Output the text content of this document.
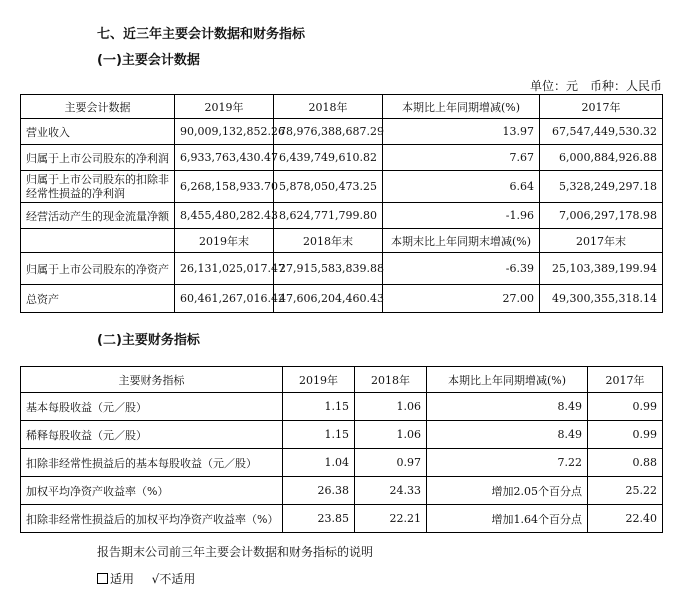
七、近三年主要会计数据和财务指标
(一)主要会计数据
单位：元　币种：人民币
主要会计数据	2019年	2018年	本期比上年同期增减(%)	2017年
营业收入	90,009,132,852.26	78,976,388,687.29	13.97	67,547,449,530.32
归属于上市公司股东的净利润	6,933,763,430.47	6,439,749,610.82	7.67	6,000,884,926.88
归属于上市公司股东的扣除非经常性损益的净利润	6,268,158,933.70	5,878,050,473.25	6.64	5,328,249,297.18
经营活动产生的现金流量净额	8,455,480,282.43	8,624,771,799.80	-1.96	7,006,297,178.98
	2019年末	2018年末	本期末比上年同期末增减(%)	2017年末
归属于上市公司股东的净资产	26,131,025,017.47	27,915,583,839.88	-6.39	25,103,389,199.94
总资产	60,461,267,016.42	47,606,204,460.43	27.00	49,300,355,318.14
(二)主要财务指标
主要财务指标	2019年	2018年	本期比上年同期增减(%)	2017年
基本每股收益（元／股）	1.15	1.06	8.49	0.99
稀释每股收益（元／股）	1.15	1.06	8.49	0.99
扣除非经常性损益后的基本每股收益（元／股）	1.04	0.97	7.22	0.88
加权平均净资产收益率（%）	26.38	24.33	增加2.05个百分点	25.22
扣除非经常性损益后的加权平均净资产收益率（%）	23.85	22.21	增加1.64个百分点	22.40
报告期末公司前三年主要会计数据和财务指标的说明
适用 √不适用
